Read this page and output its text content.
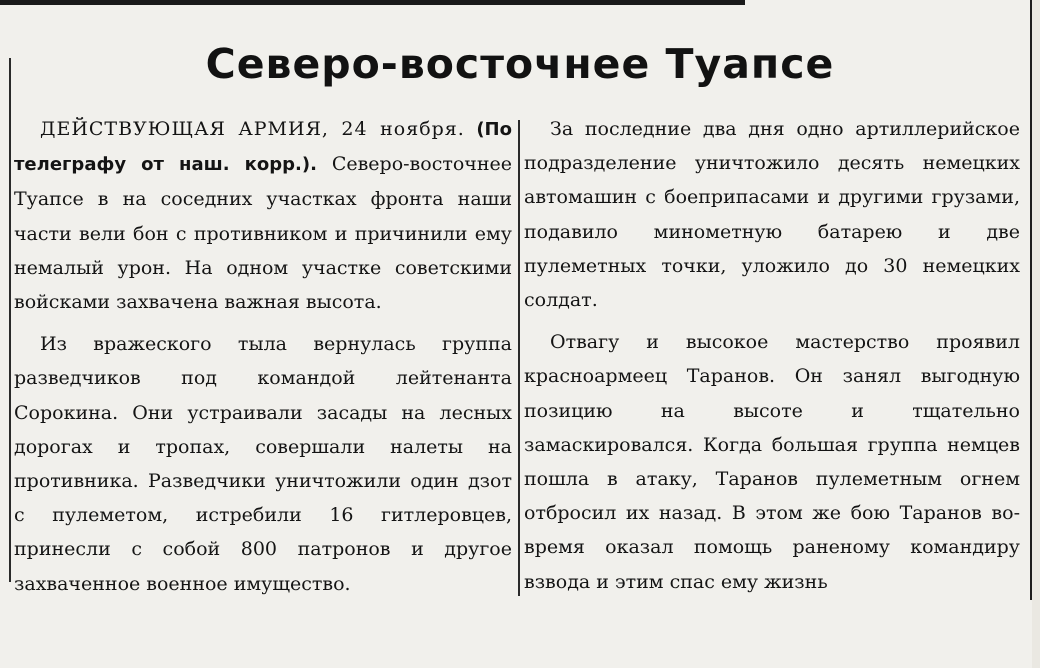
Северо-восточнее Туапсе

ДЕЙСТВУЮЩАЯ АРМИЯ, 24 ноября. (По телеграфу от наш. корр.). Северо-восточнее Туапсе в на соседних участках фронта наши части вели бон с противником и причинили ему немалый урон. На одном участке советскими войсками захвачена важная высота.

Из вражеского тыла вернулась группа разведчиков под командой лейтенанта Сорокина. Они устраивали засады на лесных дорогах и тропах, совершали налеты на противника. Разведчики уничтожили один дзот с пулеметом, истребили 16 гитлеровцев, принесли с собой 800 патронов и другое захваченное военное имущество.

За последние два дня одно артиллерийское подразделение уничтожило десять немецких автомашин с боеприпасами и другими грузами, подавило минометную батарею и две пулеметных точки, уложило до 30 немецких солдат.

Отвагу и высокое мастерство проявил красноармеец Таранов. Он занял выгодную позицию на высоте и тщательно замаскировался. Когда большая группа немцев пошла в атаку, Таранов пулеметным огнем отбросил их назад. В этом же бою Таранов во-время оказал помощь раненому командиру взвода и этим спас ему жизнь
